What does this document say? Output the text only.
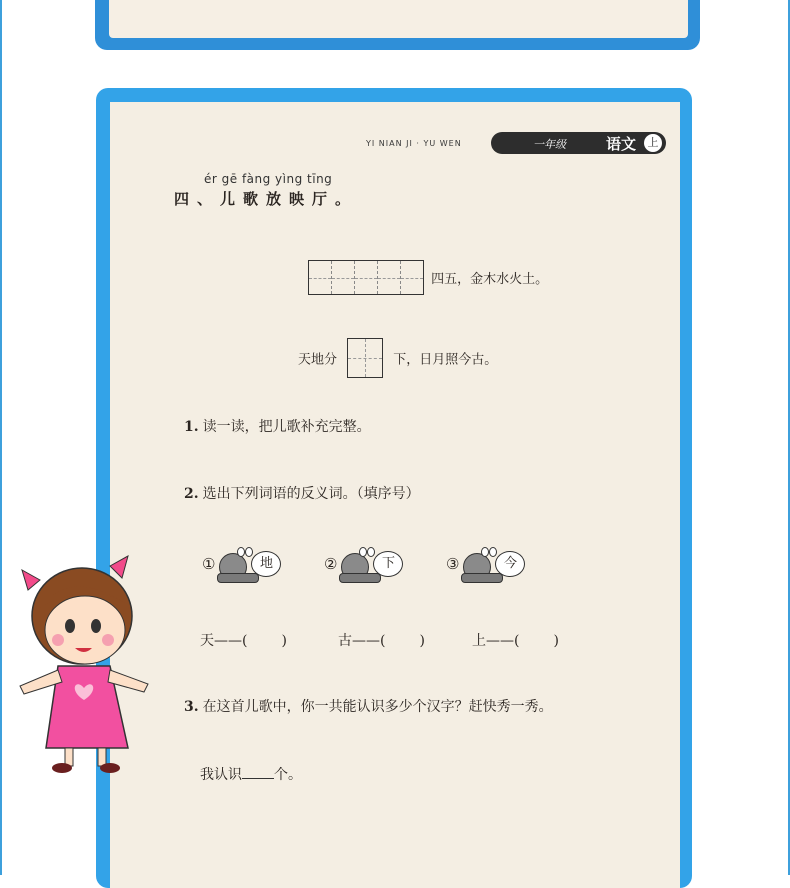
YI NIAN JI · YU WEN	一年级	语文	上
ér gē fàng yìng tīng
四、儿歌放映厅。
四五，金木水火土。
天地分	下，日月照今古。
1. 读一读，把儿歌补充完整。
2. 选出下列词语的反义词。（填序号）
①	地	②	下	③	今
天——( )	古——( )	上——( )
3. 在这首儿歌中，你一共能认识多少个汉字？赶快秀一秀。
我认识 个。
